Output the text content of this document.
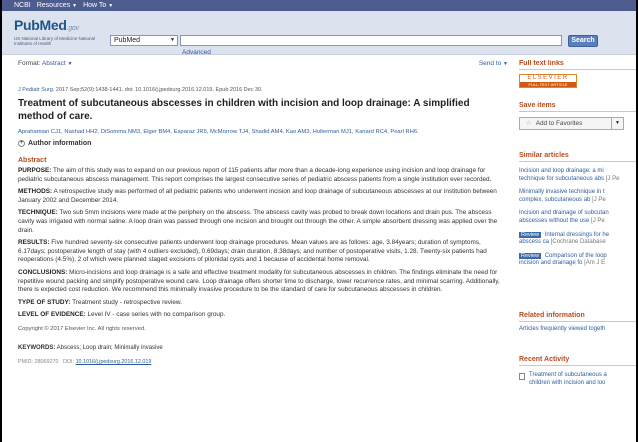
NCBI Resources ▼ How To ▼
PubMed.gov
US National Library of Medicine National Institutes of Health	PubMed	▼
Advanced
Search
Format: Abstract ▼	Send to ▼
J Pediatr Surg. 2017 Sep;52(9):1438-1441. doi: 10.1016/j.jpedsurg.2016.12.019. Epub 2016 Dec 30.
Treatment of subcutaneous abscesses in children with incision and loop drainage: A simplified method of care.
Aprahamian CJ1, Nashad HH2, DiSomma NM3, Elger BM4, Esparaz JR5, McMorrow TJ4, Shadid AM4, Kao AM3, Holterman MJ1, Kanard RC4, Pearl RH6.
+ Author information
Abstract

PURPOSE: The aim of this study was to expand on our previous report of 115 patients after more than a decade-long experience using incision and loop drainage for pediatric subcutaneous abscess management. This report comprises the largest consecutive series of pediatric abscess patients from a single institution ever recorded.

METHODS: A retrospective study was performed of all pediatric patients who underwent incision and loop drainage of subcutaneous abscesses at our institution between January 2002 and December 2014.

TECHNIQUE: Two sub 5mm incisions were made at the periphery on the abscess. The abscess cavity was probed to break down locations and drain pus. The abscess cavity was irrigated with normal saline. A loop drain was passed through one incision and brought out through the other. A simple absorbent dressing was applied over the drain.

RESULTS: Five hundred seventy-six consecutive patients underwent loop drainage procedures. Mean values are as follows: age, 3.84years; duration of symptoms, 6.17days; postoperative length of stay (with 4 outliers excluded), 0.69days; drain duration, 8.38days; and number of postoperative visits, 1.28. Twenty-six patients had reoperations (4.5%), 2 of which were planned staged excisions of pilonidal cysts and 1 because of accidental home removal.

CONCLUSIONS: Micro-incisions and loop drainage is a safe and effective treatment modality for subcutaneous abscesses in children. The findings eliminate the need for repetitive wound packing and simplify postoperative wound care. Loop drainage offers shorter time to discharge, lower recurrence rates, and minimal scarring. Additionally, there is expected cost reduction. We recommend this minimally invasive procedure to be the standard of care for subcutaneous abscesses in children.

TYPE OF STUDY: Treatment study - retrospective review.

LEVEL OF EVIDENCE: Level IV - case series with no comparison group.

Copyright © 2017 Elsevier Inc. All rights reserved.
KEYWORDS: Abscess; Loop drain; Minimally invasive
PMID: 28069270 DOI: 10.1016/j.jpedsurg.2016.12.019
Full text links
ELSEVIER
FULL-TEXT ARTICLE
Save items
☆ Add to Favorites	▼
Similar articles
Incision and loop drainage: a mi
technique for subcutaneous abs [J Pe
Minimally invasive technique in t
complex, subcutaneous ab [J Pe
Incision and drainage of subcutan
abscesses without the use [J Pe
Review Internal dressings for he
abscess ca [Cochrane Database
Review Comparison of the loop
incision and drainage fo [Am J E
Related information
Articles frequently viewed togeth
Recent Activity
Treatment of subcutaneous a
children with incision and loo
